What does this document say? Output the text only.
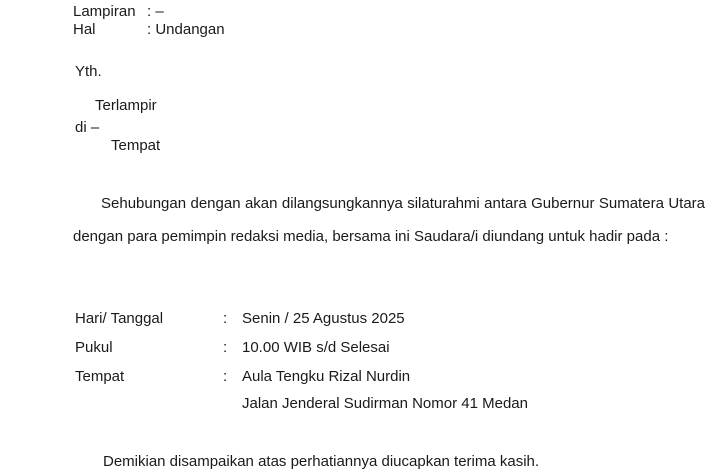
Lampiran : –
Hal	: Undangan
Yth.
Terlampir
di –
Tempat
Sehubungan dengan akan dilangsungkannya silaturahmi antara Gubernur Sumatera Utara dengan para pemimpin redaksi media, bersama ini Saudara/i diundang untuk hadir pada :
Hari/ Tanggal	: Senin / 25 Agustus 2025
Pukul	: 10.00 WIB s/d Selesai
Tempat	: Aula Tengku Rizal Nurdin
Jalan Jenderal Sudirman Nomor 41 Medan
Demikian disampaikan atas perhatiannya diucapkan terima kasih.
